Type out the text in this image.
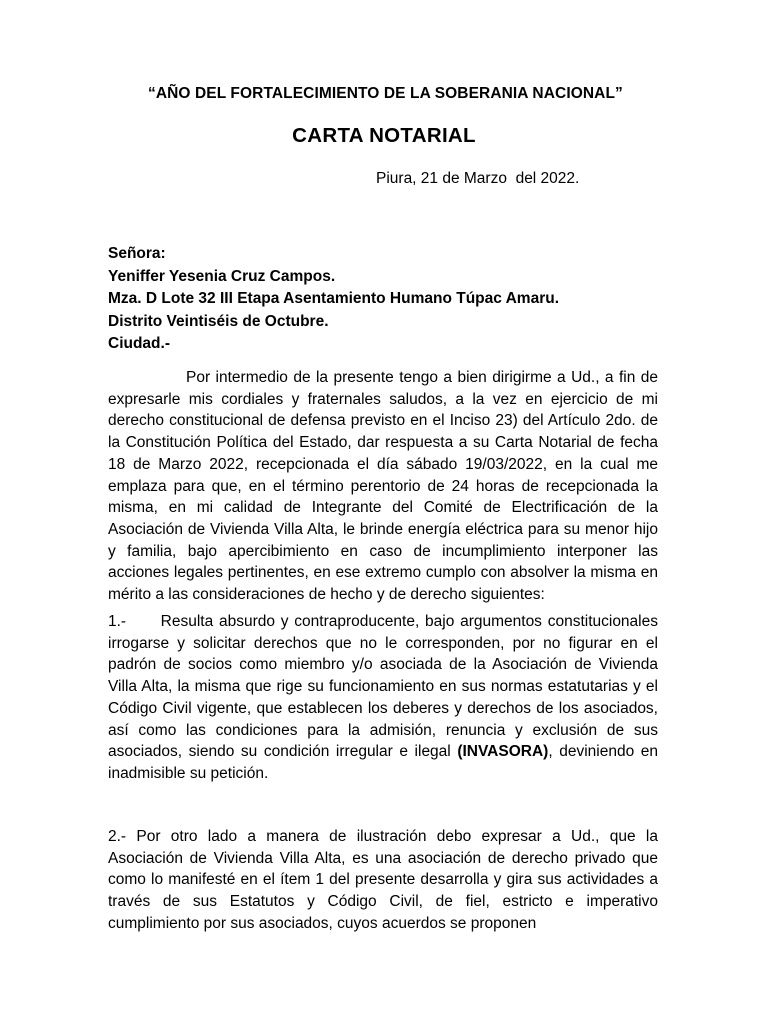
“AÑO DEL FORTALECIMIENTO DE LA SOBERANIA NACIONAL”
CARTA NOTARIAL
Piura, 21 de Marzo  del 2022.
Señora:
Yeniffer Yesenia Cruz Campos.
Mza. D Lote 32 III Etapa Asentamiento Humano Túpac Amaru.
Distrito Veintiséis de Octubre.
Ciudad.-
Por intermedio de la presente tengo a bien dirigirme a Ud., a fin de expresarle mis cordiales y fraternales saludos, a la vez en ejercicio de mi derecho constitucional de defensa previsto en el Inciso 23) del Artículo 2do. de la Constitución Política del Estado, dar respuesta a su Carta Notarial de fecha 18 de Marzo 2022, recepcionada el día sábado 19/03/2022, en la cual me emplaza para que, en el término perentorio de 24 horas de recepcionada la misma, en mi calidad de Integrante del Comité de Electrificación de la Asociación de Vivienda Villa Alta, le brinde energía eléctrica para su menor hijo y familia, bajo apercibimiento en caso de incumplimiento interponer las acciones legales pertinentes, en ese extremo cumplo con absolver la misma en mérito a las consideraciones de hecho y de derecho siguientes:
1.-      Resulta absurdo y contraproducente, bajo argumentos constitucionales irrogarse y solicitar derechos que no le corresponden, por no figurar en el padrón de socios como miembro y/o asociada de la Asociación de Vivienda Villa Alta, la misma que rige su funcionamiento en sus normas estatutarias y el Código Civil vigente, que establecen los deberes y derechos de los asociados, así como las condiciones para la admisión, renuncia y exclusión de sus asociados, siendo su condición irregular e ilegal (INVASORA), deviniendo en inadmisible su petición.
2.- Por otro lado a manera de ilustración debo expresar a Ud., que la Asociación de Vivienda Villa Alta, es una asociación de derecho privado que como lo manifesté en el ítem 1 del presente desarrolla y gira sus actividades a través de sus Estatutos y Código Civil, de fiel, estricto e imperativo cumplimiento por sus asociados, cuyos acuerdos se proponen
